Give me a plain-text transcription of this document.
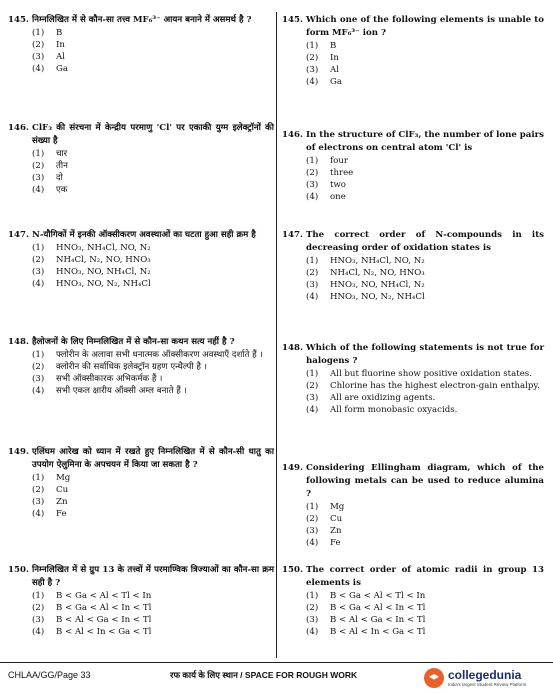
145. निम्नलिखित में से कौन-सा तत्त्व MF₆³⁻ आयन बनाने में असमर्थ है ?
(1)	B
(2)	In
(3)	Al
(4)	Ga
146. ClF₃ की संरचना में केन्द्रीय परमाणु 'Cl' पर एकाकी युग्म इलेक्ट्रॉनों की संख्या है
(1)	चार
(2)	तीन
(3)	दो
(4)	एक
147. N-यौगिकों में इनकी ऑक्सीकरण अवस्थाओं का घटता हुआ सही क्रम है
(1)	HNO₃, NH₄Cl, NO, N₂
(2)	NH₄Cl, N₂, NO, HNO₃
(3)	HNO₃, NO, NH₄Cl, N₂
(4)	HNO₃, NO, N₂, NH₄Cl
148. हैलोजनों के लिए निम्नलिखित में से कौन-सा कथन सत्य नहीं है ?
(1)	फ्लोरीन के अलावा सभी धनात्मक ऑक्सीकरण अवस्थाएँ दर्शाते हैं ।
(2)	क्लोरीन की सर्वाधिक इलेक्ट्रॉन ग्रहण एन्थैल्पी है ।
(3)	सभी ऑक्सीकारक अभिकर्मक हैं ।
(4)	सभी एकल क्षारीय ऑक्सी अम्ल बनाते हैं ।
149. एलिंघम आरेख को ध्यान में रखते हुए निम्नलिखित में से कौन-सी धातु का उपयोग ऐलुमिना के अपचयन में किया जा सकता है ?
(1)	Mg
(2)	Cu
(3)	Zn
(4)	Fe
150. निम्नलिखित में से ग्रुप 13 के तत्त्वों में परमाण्विक त्रिज्याओं का कौन-सा क्रम सही है ?
(1)	B < Ga < Al < Tl < In
(2)	B < Ga < Al < In < Tl
(3)	B < Al < Ga < In < Tl
(4)	B < Al < In < Ga < Tl
145. Which one of the following elements is unable to form MF₆³⁻ ion ?
(1)	B
(2)	In
(3)	Al
(4)	Ga
146. In the structure of ClF₃, the number of lone pairs of electrons on central atom 'Cl' is
(1)	four
(2)	three
(3)	two
(4)	one
147. The correct order of N-compounds in its decreasing order of oxidation states is
(1)	HNO₃, NH₄Cl, NO, N₂
(2)	NH₄Cl, N₂, NO, HNO₃
(3)	HNO₃, NO, NH₄Cl, N₂
(4)	HNO₃, NO, N₂, NH₄Cl
148. Which of the following statements is not true for halogens ?
(1)	All but fluorine show positive oxidation states.
(2)	Chlorine has the highest electron-gain enthalpy.
(3)	All are oxidizing agents.
(4)	All form monobasic oxyacids.
149. Considering Ellingham diagram, which of the following metals can be used to reduce alumina ?
(1)	Mg
(2)	Cu
(3)	Zn
(4)	Fe
150. The correct order of atomic radii in group 13 elements is
(1)	B < Ga < Al < Tl < In
(2)	B < Ga < Al < In < Tl
(3)	B < Al < Ga < In < Tl
(4)	B < Al < In < Ga < Tl
CHLAA/GG/Page 33	रफ कार्य के लिए स्थान / SPACE FOR ROUGH WORK	collegedunia
India's largest Student Review Platform
